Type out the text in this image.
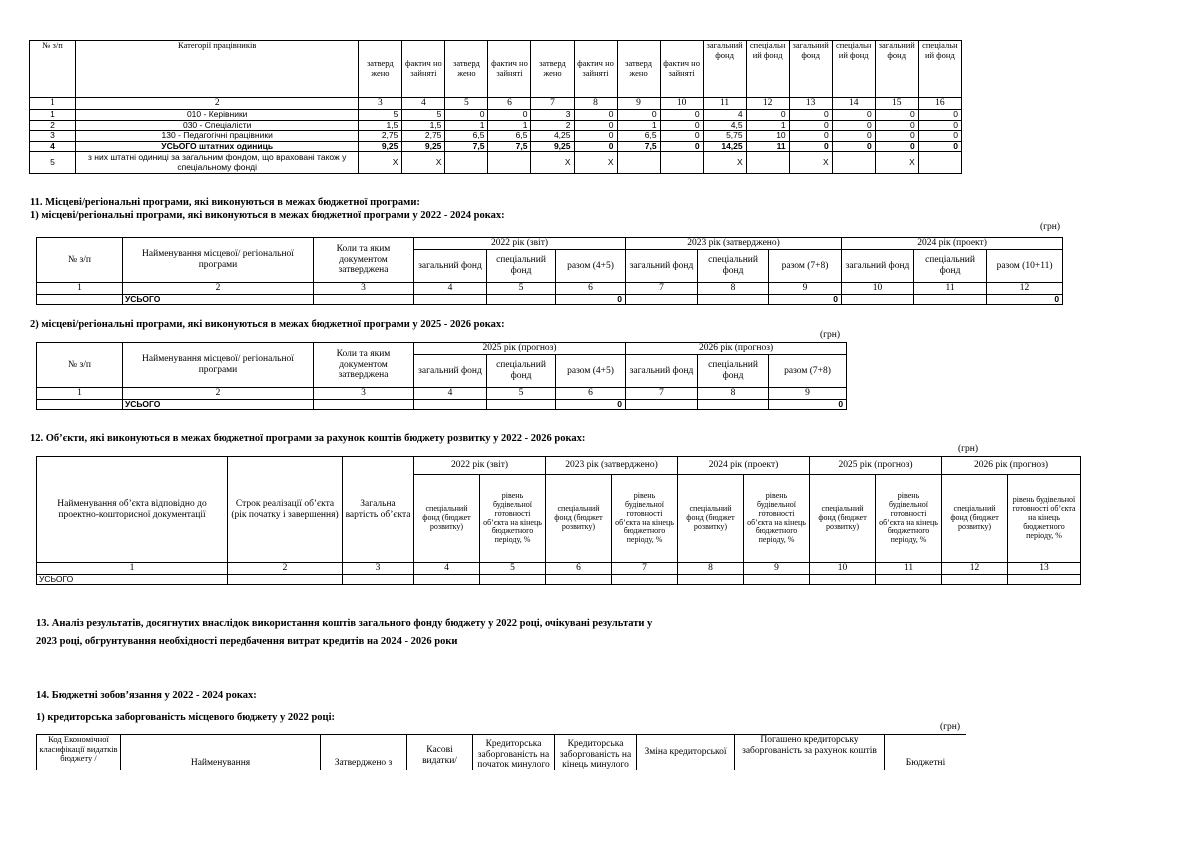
№ з/п	Категорії працівників	затверд жено	фактич но зайняті	затверд жено	фактич но зайняті	затверд жено	фактич но зайняті	затверд жено	фактич но зайняті	загальний фонд	спеціальн ий фонд	загальний фонд	спеціальн ий фонд	загальний фонд	спеціальн ий фонд
1	2	3	4	5	6	7	8	9	10	11	12	13	14	15	16
1	010 - Керівники	5	5	0	0	3	0	0	0	4	0	0	0	0	0
2	030 - Спеціалісти	1,5	1,5	1	1	2	0	1	0	4,5	1	0	0	0	0
3	130 - Педагогічні працівники	2,75	2,75	6,5	6,5	4,25	0	6,5	0	5,75	10	0	0	0	0
4	УСЬОГО штатних одиниць	9,25	9,25	7,5	7,5	9,25	0	7,5	0	14,25	11	0	0	0	0
5	з них штатні одиниці за загальним фондом, що враховані також у спеціальному фонді	X	X			X	X			X		X		X	
11. Місцеві/регіональні програми, які виконуються в межах бюджетної програми:
1) місцеві/регіональні програми, які виконуються в межах бюджетної програми у 2022 - 2024 роках:
(грн)
№ з/п	Найменування місцевої/ регіональної програми	Коли та яким документом затверджена	2022 рік (звіт)			2023 рік (затверджено)			2024 рік (проект)		
			загальний фонд	спеціальний фонд	разом (4+5)	загальний фонд	спеціальний фонд	разом (7+8)	загальний фонд	спеціальний фонд	разом (10+11)
1	2	3	4	5	6	7	8	9	10	11	12
	УСЬОГО				0			0			0
2) місцеві/регіональні програми, які виконуються в межах бюджетної програми у 2025 - 2026 роках:
(грн)
№ з/п	Найменування місцевої/ регіональної програми	Коли та яким документом затверджена	2025 рік (прогноз)			2026 рік (прогноз)		
			загальний фонд	спеціальний фонд	разом (4+5)	загальний фонд	спеціальний фонд	разом (7+8)
1	2	3	4	5	6	7	8	9
	УСЬОГО				0			0
12. Об’єкти, які виконуються в межах бюджетної програми за рахунок коштів бюджету розвитку у 2022 - 2026 роках:
(грн)
Найменування об’єкта відповідно до проектно-кошторисної документації	Строк реалізації об’єкта (рік початку і завершення)	Загальна вартість об’єкта	2022 рік (звіт)		2023 рік (затверджено)		2024 рік (проект)		2025 рік (прогноз)		2026 рік (прогноз)	
			спеціальний фонд (бюджет розвитку)	рівень будівельної готовності об’єкта на кінець бюджетного періоду, %	спеціальний фонд (бюджет розвитку)	рівень будівельної готовності об’єкта на кінець бюджетного періоду, %	спеціальний фонд (бюджет розвитку)	рівень будівельної готовності об’єкта на кінець бюджетного періоду, %	спеціальний фонд (бюджет розвитку)	рівень будівельної готовності об’єкта на кінець бюджетного періоду, %	спеціальний фонд (бюджет розвитку)	рівень будівельної готовності об’єкта на кінець бюджетного періоду, %
1	2	3	4	5	6	7	8	9	10	11	12	13
УСЬОГО												
13. Аналіз результатів, досягнутих внаслідок використання коштів загального фонду бюджету у 2022 році, очікувані результати у 2023 році, обгрунтування необхідності передбачення витрат кредитів на 2024 - 2026 роки
14. Бюджетні зобов’язання у 2022 - 2024 роках:
1) кредиторська заборгованість місцевого бюджету у 2022 році:
(грн)
Код Економічної класифікації видатків бюджету /	Найменування	Затверджено з	Касові видатки/	Кредиторська заборгованість на початок минулого	Кредиторська заборгованість на кінець минулого	Зміна кредиторської	Погашено кредиторську заборгованість за рахунок коштів	Бюджетні
